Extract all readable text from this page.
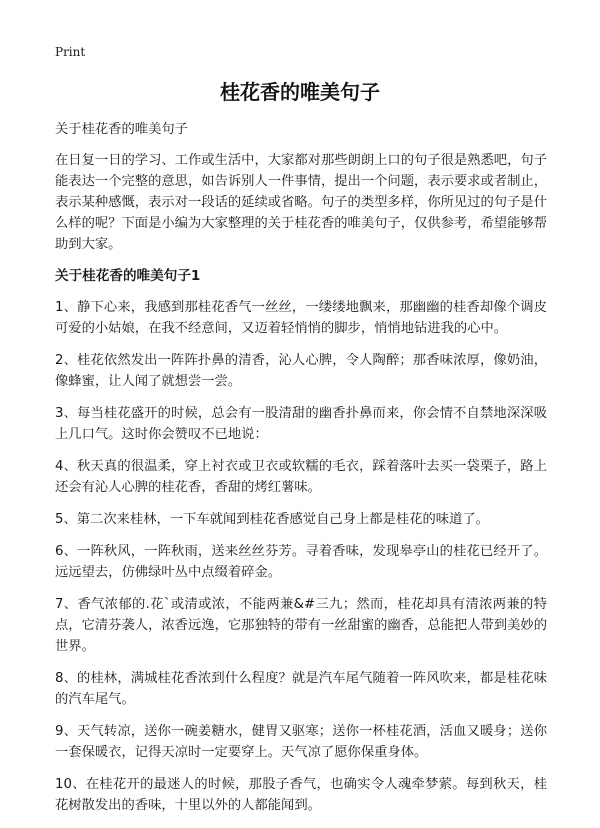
Print
桂花香的唯美句子

关于桂花香的唯美句子

在日复一日的学习、工作或生活中，大家都对那些朗朗上口的句子很是熟悉吧，句子能表达一个完整的意思，如告诉别人一件事情，提出一个问题，表示要求或者制止，表示某种感慨，表示对一段话的延续或省略。句子的类型多样，你所见过的句子是什么样的呢？下面是小编为大家整理的关于桂花香的唯美句子，仅供参考，希望能够帮助到大家。

关于桂花香的唯美句子1

1、静下心来，我感到那桂花香气一丝丝，一缕缕地飘来，那幽幽的桂香却像个调皮可爱的小姑娘，在我不经意间，又迈着轻悄悄的脚步，悄悄地钻进我的心中。

2、桂花依然发出一阵阵扑鼻的清香，沁人心脾，令人陶醉；那香味浓厚，像奶油，像蜂蜜，让人闻了就想尝一尝。

3、每当桂花盛开的时候，总会有一股清甜的幽香扑鼻而来，你会情不自禁地深深吸上几口气。这时你会赞叹不已地说：

4、秋天真的很温柔，穿上衬衣或卫衣或软糯的毛衣，踩着落叶去买一袋栗子，路上还会有沁人心脾的桂花香，香甜的烤红薯味。

5、第二次来桂林，一下车就闻到桂花香感觉自己身上都是桂花的味道了。

6、一阵秋风，一阵秋雨，送来丝丝芬芳。寻着香味，发现皋亭山的桂花已经开了。远远望去，仿佛绿叶丛中点缀着碎金。

7、香气浓郁的.花`或清或浓，不能两兼&#三九；然而，桂花却具有清浓两兼的特点，它清芬袭人，浓香远逸，它那独特的带有一丝甜蜜的幽香，总能把人带到美妙的世界。

8、的桂林，满城桂花香浓到什么程度？就是汽车尾气随着一阵风吹来，都是桂花味的汽车尾气。

9、天气转凉，送你一碗姜糖水，健胃又驱寒；送你一杯桂花酒，活血又暖身；送你一套保暖衣，记得天凉时一定要穿上。天气凉了愿你保重身体。

10、在桂花开的最迷人的时候，那股子香气，也确实令人魂牵梦萦。每到秋天，桂花树散发出的香味，十里以外的人都能闻到。
